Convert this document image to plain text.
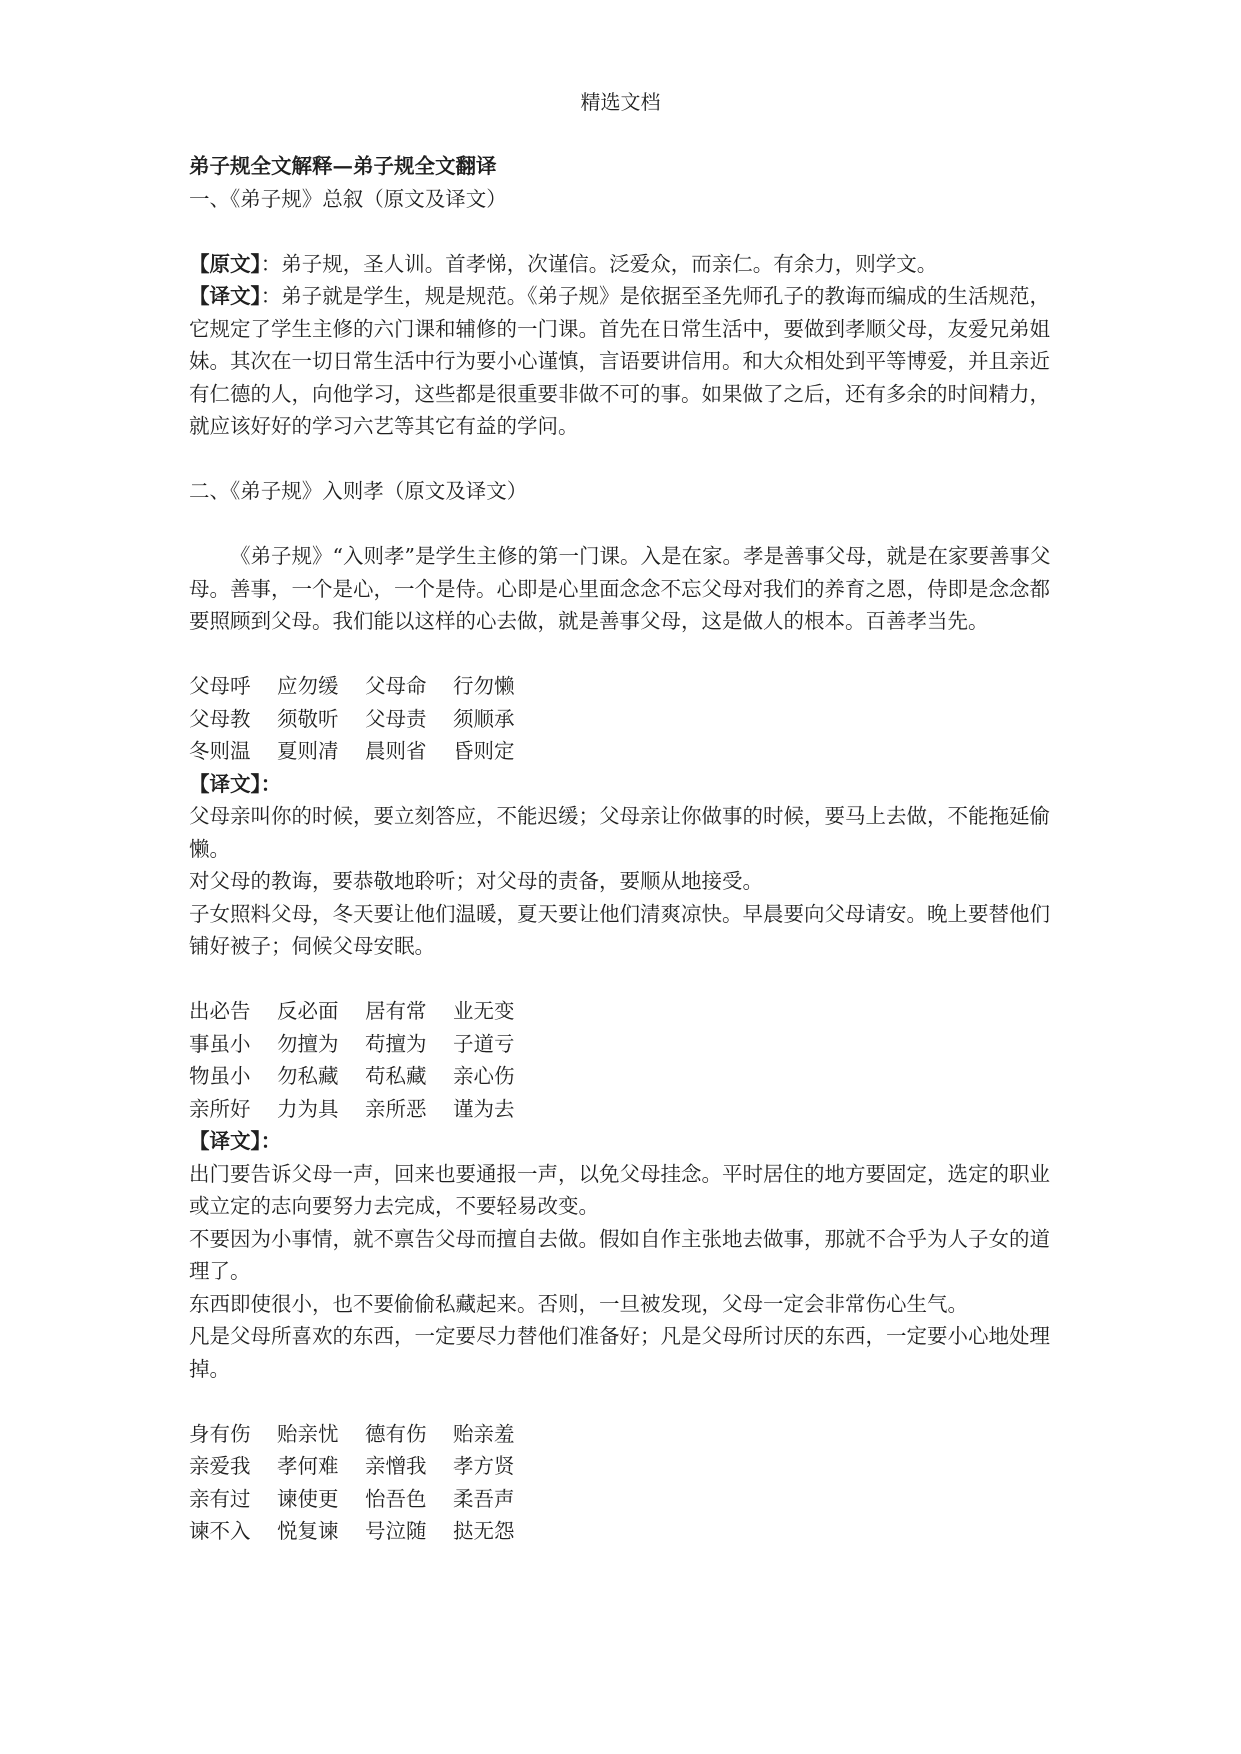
精选文档

弟子规全文解释—弟子规全文翻译

一、《弟子规》总叙（原文及译文）

【原文】：弟子规，圣人训。首孝悌，次谨信。泛爱众，而亲仁。有余力，则学文。

【译文】：弟子就是学生，规是规范。《弟子规》是依据至圣先师孔子的教诲而编成的生活规范，它规定了学生主修的六门课和辅修的一门课。首先在日常生活中，要做到孝顺父母，友爱兄弟姐妹。其次在一切日常生活中行为要小心谨慎，言语要讲信用。和大众相处到平等博爱，并且亲近有仁德的人，向他学习，这些都是很重要非做不可的事。如果做了之后，还有多余的时间精力，就应该好好的学习六艺等其它有益的学问。

二、《弟子规》入则孝（原文及译文）

《弟子规》“入则孝”是学生主修的第一门课。入是在家。孝是善事父母，就是在家要善事父母。善事，一个是心，一个是侍。心即是心里面念念不忘父母对我们的养育之恩，侍即是念念都要照顾到父母。我们能以这样的心去做，就是善事父母，这是做人的根本。百善孝当先。

父母呼	应勿缓	父母命	行勿懒

父母教	须敬听	父母责	须顺承

冬则温	夏则凊	晨则省	昏则定

【译文】：

父母亲叫你的时候，要立刻答应，不能迟缓；父母亲让你做事的时候，要马上去做，不能拖延偷懒。

对父母的教诲，要恭敬地聆听；对父母的责备，要顺从地接受。

子女照料父母，冬天要让他们温暖，夏天要让他们清爽凉快。早晨要向父母请安。晚上要替他们铺好被子；伺候父母安眠。

出必告	反必面	居有常	业无变

事虽小	勿擅为	苟擅为	子道亏

物虽小	勿私藏	苟私藏	亲心伤

亲所好	力为具	亲所恶	谨为去

【译文】：

出门要告诉父母一声，回来也要通报一声，以免父母挂念。平时居住的地方要固定，选定的职业或立定的志向要努力去完成，不要轻易改变。

不要因为小事情，就不禀告父母而擅自去做。假如自作主张地去做事，那就不合乎为人子女的道理了。

东西即使很小，也不要偷偷私藏起来。否则，一旦被发现，父母一定会非常伤心生气。

凡是父母所喜欢的东西，一定要尽力替他们准备好；凡是父母所讨厌的东西，一定要小心地处理掉。

身有伤	贻亲忧	德有伤	贻亲羞

亲爱我	孝何难	亲憎我	孝方贤

亲有过	谏使更	怡吾色	柔吾声

谏不入	悦复谏	号泣随	挞无怨
